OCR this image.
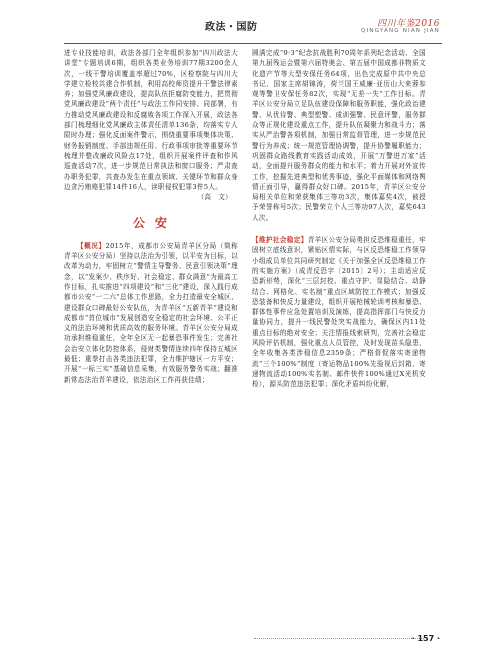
政法・国防	四川年鉴2016
QINGYANG NIAN JIAN

进专业技能培训，政法各部门全年组织参加“四川政法大讲堂”专题培训6期，组织各类业务培训77期3200余人次，一线干警培训覆盖率超过70%，区检察院与四川大学建立检校共建合作机制，利用高校师资提升干警法律素养；加强党风廉政建设，提高队伍拒腐防变能力，把贯彻党风廉政建设“两个责任”与政法工作同安排、同部署，有力推动党风廉政建设和反腐败各项工作深入开展，政法各部门梳理细化党风廉政主体责任清单136条，均落实专人限时办理；强化反面案件警示，围绕重要事项集体决策、财务报销制度、手部违规任用、行政事项审批等重要环节梳理并整改廉政风险点17处，组织开展案件评查和作风巡查活动7次，进一步规范日常执法和窗口服务；严肃查办职务犯罪，共查办发生在重点领域、关键环节和群众身边贪污贿赂犯罪14件16人，读职侵权犯罪3件5人。

（高　文）

公安

【概况】2015年，成都市公安局青羊区分局（简称青羊区公安分局）坚持以法治为引领，以平安为目标，以改革为动力，牢固树立“警情主导警务、民意引领决策”理念，以“发案少、秩序好、社会稳定、群众满意”为最高工作目标，扎实推进“四项建设”和“三化”建设，深入践行成都市公安“一二六”总体工作思路，全力打造最安全城区、建设群众口碑最好公安队伍，为青羊区“五新青羊”建设和成都市“首位城市”发展创造安全稳定的社会环境、公平正义的法治环境和优质高效的服务环境。青羊区公安分局成功承担维稳重任，全年全区无一起暴恐事件发生；完善社会治安立体化防控体系，侵财类警情连续四年保持五城区最低；重拳打击各类违法犯罪，全力维护辖区一方平安；开展“一标三实”基础信息采集，有效服务警务实战；翻准新常态法治青羊建设，依法治区工作再获佳绩；

圆满完成“9·3”纪念抗战胜利70周年系列纪念活动、全国第九届残运会暨第六届特奥会、第五届中国成都非物质文化遗产节等大型安保任务64项，出色完成原中共中央总书记、国家主席胡锦涛，荷兰国王威廉·亚历山大来蓉参观等警卫安保任务82次，实现“无差一失”工作目标。青羊区公安分局立足队伍建设保障和服务职能，强化政治建警、从优待警、典型塑警、成训强警、民意评警，服务群众等正规化建设重点工作，提升队伍凝聚力和战斗力；落实从严治警各项机制，加强日常监督管理，进一步规范民警行为养成；统一规范管理协调警，提升协警履职能力；巩固群众路线教育实践活动成效，开展“万警进万家”活动，全面提升服务群众的能力和水平；着力开展对外宣传工作，挖掘先进典型和优秀事迹，强化平面媒体和网络舆情正面引导，赢得群众好口碑。2015年，青羊区公安分局相关单位和荣获集体三等功3次，集体嘉奖4次，被授予荣誉称号5次；民警荣立个人三等功97人次，嘉奖643人次。

【维护社会稳定】青羊区公安分局勇担反恐维稳重任，牢固树立底线意识，紧贴区情实际，与区反恐维稳工作领导小组成员单位共同研究制定《关于加强全区反恐维稳工作的实施方案》（成青反恐字〔2015〕2号）；主动适应反恐新形势，深化“三层封控、重点守护、显隐结合、动静结合、网格化、实名制”重点区域防控工作模式；加强反恐装备和快反力量建设，组织开展枪械轮训考核和暴恐、群体性事件应急处置培训及演练，提高指挥部门与快反力量协同力，提升一线民警处突实战能力，确保区内11处重点目标的绝对安全；关注情报线索研判，完善社会稳定风险评估机制，强化重点人员管控，及时发现苗头隐患，全年收集各类涉稳信息2359条；严格督促落实寄递物流“三个100%”制度（寄运物品100%先验视后封箱、寄递物流活动100%实名制、邮件快件100%通过X光机安检），源头防范违法犯罪；深化矛盾纠纷化解，

· 157 ·
